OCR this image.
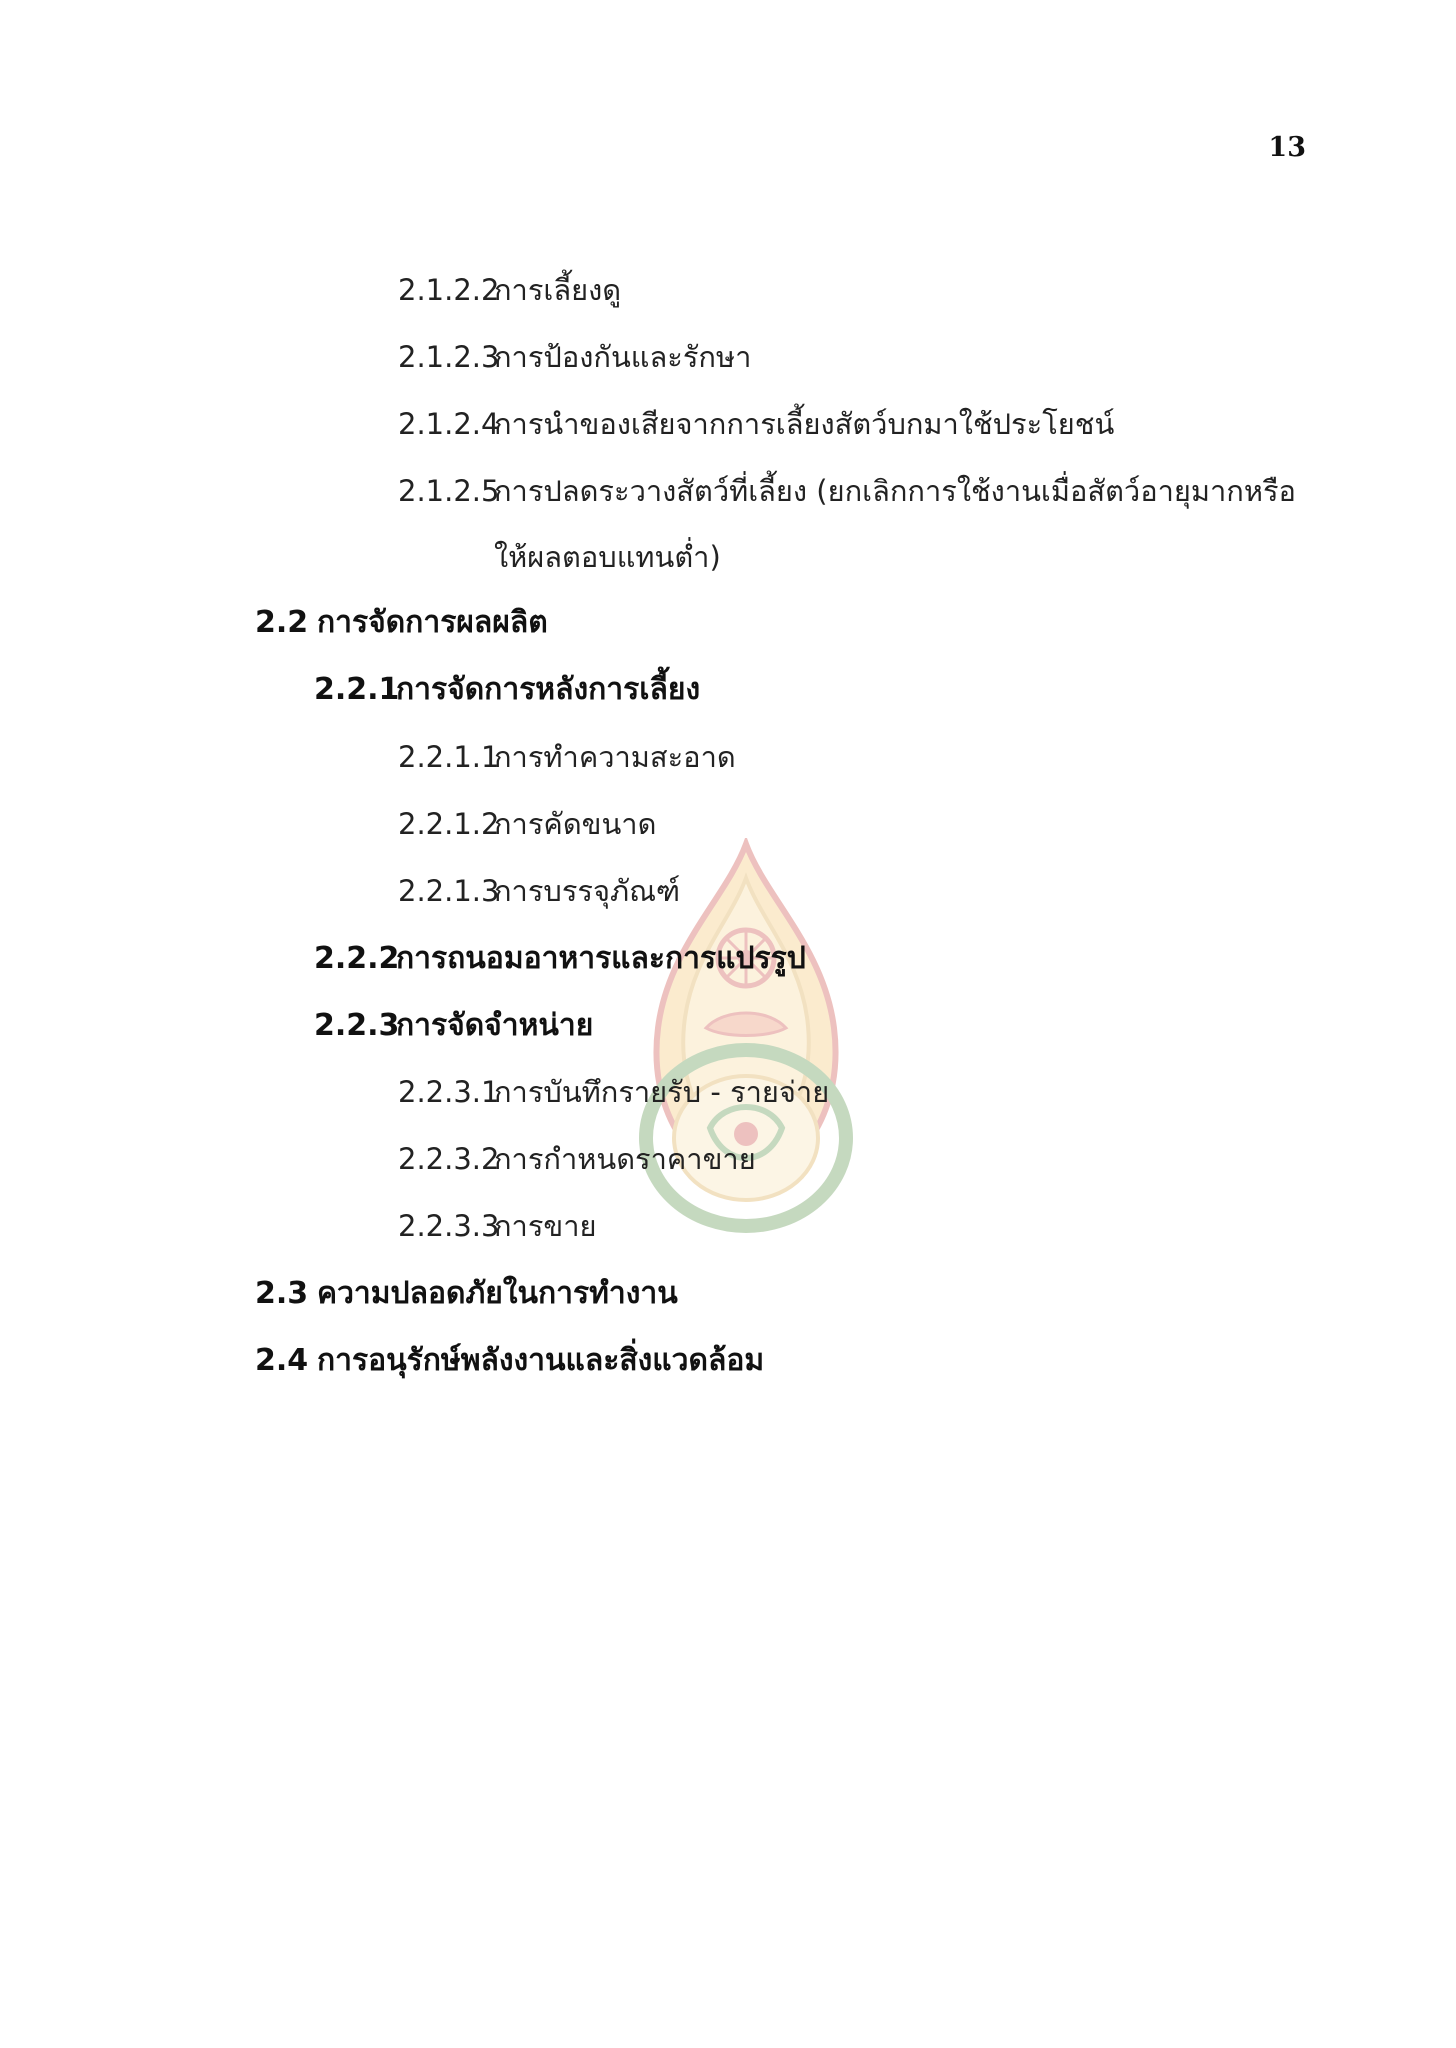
13
2.1.2.2การเลี้ยงดู
2.1.2.3การป้องกันและรักษา
2.1.2.4การนำของเสียจากการเลี้ยงสัตว์บกมาใช้ประโยชน์
2.1.2.5การปลดระวางสัตว์ที่เลี้ยง (ยกเลิกการใช้งานเมื่อสัตว์อายุมากหรือ
ให้ผลตอบแทนต่ำ)
2.2 การจัดการผลผลิต
2.2.1การจัดการหลังการเลี้ยง
2.2.1.1การทำความสะอาด
2.2.1.2การคัดขนาด
2.2.1.3การบรรจุภัณฑ์
2.2.2การถนอมอาหารและการแปรรูป
2.2.3การจัดจำหน่าย
2.2.3.1การบันทึกรายรับ - รายจ่าย
2.2.3.2การกำหนดราคาขาย
2.2.3.3การขาย
2.3 ความปลอดภัยในการทำงาน
2.4 การอนุรักษ์พลังงานและสิ่งแวดล้อม
